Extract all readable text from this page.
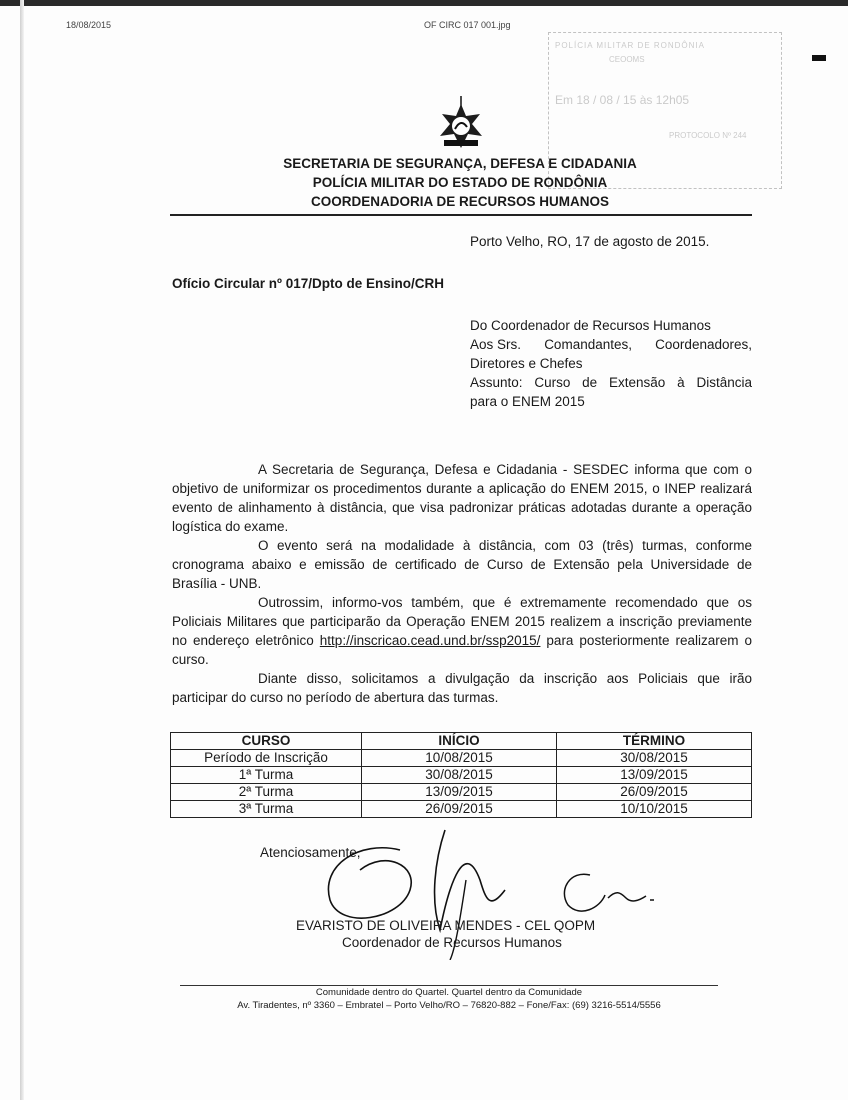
18/08/2015	OF CIRC 017 001.jpg
POLÍCIA MILITAR DE RONDÔNIA
CEOOMS
Em 18 / 08 / 15 às 12h05
PROTOCOLO Nº 244
SECRETARIA DE SEGURANÇA, DEFESA E CIDADANIA
POLÍCIA MILITAR DO ESTADO DE RONDÔNIA
COORDENADORIA DE RECURSOS HUMANOS
Porto Velho, RO, 17 de agosto de 2015.
Ofício Circular nº 017/Dpto de Ensino/CRH
Do Coordenador de Recursos Humanos
Aos Srs. Comandantes, Coordenadores,
Diretores e Chefes
Assunto: Curso de Extensão à Distância
para o ENEM 2015

A Secretaria de Segurança, Defesa e Cidadania - SESDEC informa que com o objetivo de uniformizar os procedimentos durante a aplicação do ENEM 2015, o INEP realizará evento de alinhamento à distância, que visa padronizar práticas adotadas durante a operação logística do exame.

O evento será na modalidade à distância, com 03 (três) turmas, conforme cronograma abaixo e emissão de certificado de Curso de Extensão pela Universidade de Brasília - UNB.

Outrossim, informo-vos também, que é extremamente recomendado que os Policiais Militares que participarão da Operação ENEM 2015 realizem a inscrição previamente no endereço eletrônico http://inscricao.cead.und.br/ssp2015/ para posteriormente realizarem o curso.

Diante disso, solicitamos a divulgação da inscrição aos Policiais que irão participar do curso no período de abertura das turmas.

CURSO	INÍCIO	TÉRMINO
Período de Inscrição	10/08/2015	30/08/2015
1ª Turma	30/08/2015	13/09/2015
2ª Turma	13/09/2015	26/09/2015
3ª Turma	26/09/2015	10/10/2015
Atenciosamente,
EVARISTO DE OLIVEIRA MENDES - CEL QOPM
Coordenador de Recursos Humanos
Comunidade dentro do Quartel. Quartel dentro da Comunidade
Av. Tiradentes, nº 3360 – Embratel – Porto Velho/RO – 76820-882 – Fone/Fax: (69) 3216-5514/5556
